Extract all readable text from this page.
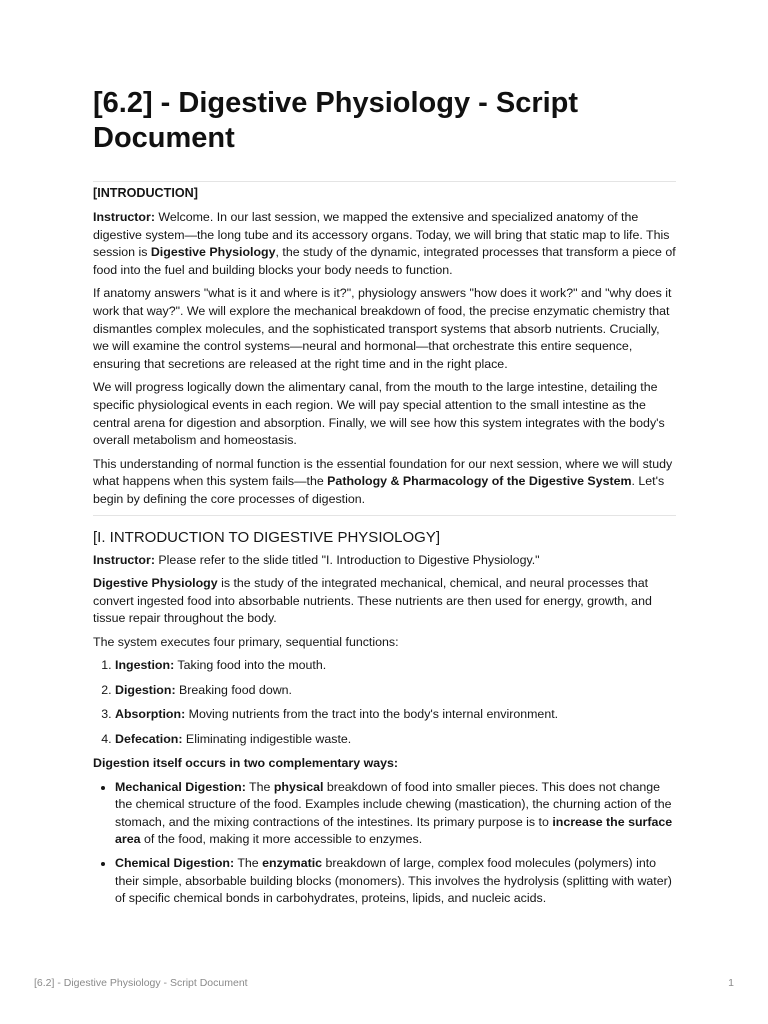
[6.2] - Digestive Physiology - Script Document

[INTRODUCTION]

Instructor: Welcome. In our last session, we mapped the extensive and specialized anatomy of the digestive system—the long tube and its accessory organs. Today, we will bring that static map to life. This session is Digestive Physiology, the study of the dynamic, integrated processes that transform a piece of food into the fuel and building blocks your body needs to function.

If anatomy answers "what is it and where is it?", physiology answers "how does it work?" and "why does it work that way?". We will explore the mechanical breakdown of food, the precise enzymatic chemistry that dismantles complex molecules, and the sophisticated transport systems that absorb nutrients. Crucially, we will examine the control systems—neural and hormonal—that orchestrate this entire sequence, ensuring that secretions are released at the right time and in the right place.

We will progress logically down the alimentary canal, from the mouth to the large intestine, detailing the specific physiological events in each region. We will pay special attention to the small intestine as the central arena for digestion and absorption. Finally, we will see how this system integrates with the body's overall metabolism and homeostasis.

This understanding of normal function is the essential foundation for our next session, where we will study what happens when this system fails—the Pathology & Pharmacology of the Digestive System. Let's begin by defining the core processes of digestion.

[I. INTRODUCTION TO DIGESTIVE PHYSIOLOGY]

Instructor: Please refer to the slide titled "I. Introduction to Digestive Physiology."

Digestive Physiology is the study of the integrated mechanical, chemical, and neural processes that convert ingested food into absorbable nutrients. These nutrients are then used for energy, growth, and tissue repair throughout the body.

The system executes four primary, sequential functions:

1. Ingestion: Taking food into the mouth.
2. Digestion: Breaking food down.
3. Absorption: Moving nutrients from the tract into the body's internal environment.
4. Defecation: Eliminating indigestible waste.

Digestion itself occurs in two complementary ways:

• Mechanical Digestion: The physical breakdown of food into smaller pieces. This does not change the chemical structure of the food. Examples include chewing (mastication), the churning action of the stomach, and the mixing contractions of the intestines. Its primary purpose is to increase the surface area of the food, making it more accessible to enzymes.
• Chemical Digestion: The enzymatic breakdown of large, complex food molecules (polymers) into their simple, absorbable building blocks (monomers). This involves the hydrolysis (splitting with water) of specific chemical bonds in carbohydrates, proteins, lipids, and nucleic acids.
[6.2] - Digestive Physiology - Script Document	1
